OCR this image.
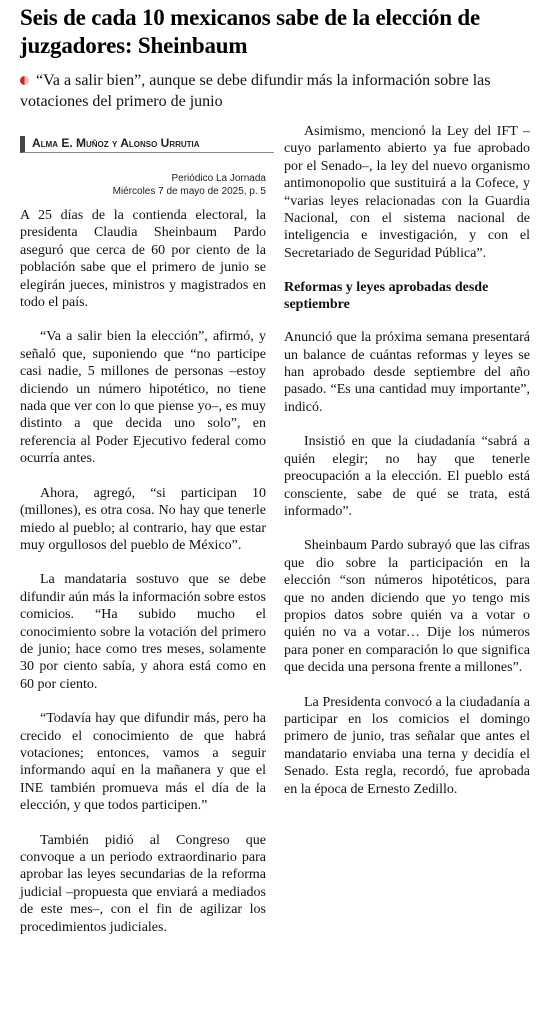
Seis de cada 10 mexicanos sabe de la elección de juzgadores: Sheinbaum

“Va a salir bien”, aunque se debe difundir más la información sobre las votaciones del primero de junio

Alma E. Muñoz y Alonso Urrutia

Periódico La Jornada
Miércoles 7 de mayo de 2025, p. 5

A 25 días de la contienda electoral, la presidenta Claudia Sheinbaum Pardo aseguró que cerca de 60 por ciento de la población sabe que el primero de junio se elegirán jueces, ministros y magistrados en todo el país.

“Va a salir bien la elección”, afirmó, y señaló que, suponiendo que “no participe casi nadie, 5 millones de personas –estoy diciendo un número hipotético, no tiene nada que ver con lo que piense yo–, es muy distinto a que decida uno solo”, en referencia al Poder Ejecutivo federal como ocurría antes.

Ahora, agregó, “si participan 10 (millones), es otra cosa. No hay que tenerle miedo al pueblo; al contrario, hay que estar muy orgullosos del pueblo de México”.

La mandataria sostuvo que se debe difundir aún más la información sobre estos comicios. “Ha subido mucho el conocimiento sobre la votación del primero de junio; hace como tres meses, solamente 30 por ciento sabía, y ahora está como en 60 por ciento.

“Todavía hay que difundir más, pero ha crecido el conocimiento de que habrá votaciones; entonces, vamos a seguir informando aquí en la mañanera y que el INE también promueva más el día de la elección, y que todos participen.”

También pidió al Congreso que convoque a un periodo extraordinario para aprobar las leyes secundarias de la reforma judicial –propuesta que enviará a mediados de este mes–, con el fin de agilizar los procedimientos judiciales.

Asimismo, mencionó la Ley del IFT –cuyo parlamento abierto ya fue aprobado por el Senado–, la ley del nuevo organismo antimonopolio que sustituirá a la Cofece, y “varias leyes relacionadas con la Guardia Nacional, con el sistema nacional de inteligencia e investigación, y con el Secretariado de Seguridad Pública”.

Reformas y leyes aprobadas desde septiembre

Anunció que la próxima semana presentará un balance de cuántas reformas y leyes se han aprobado desde septiembre del año pasado. “Es una cantidad muy importante”, indicó.

Insistió en que la ciudadanía “sabrá a quién elegir; no hay que tenerle preocupación a la elección. El pueblo está consciente, sabe de qué se trata, está informado”.

Sheinbaum Pardo subrayó que las cifras que dio sobre la participación en la elección “son números hipotéticos, para que no anden diciendo que yo tengo mis propios datos sobre quién va a votar o quién no va a votar… Dije los números para poner en comparación lo que significa que decida una persona frente a millones”.

La Presidenta convocó a la ciudadanía a participar en los comicios el domingo primero de junio, tras señalar que antes el mandatario enviaba una terna y decidía el Senado. Esta regla, recordó, fue aprobada en la época de Ernesto Zedillo.
